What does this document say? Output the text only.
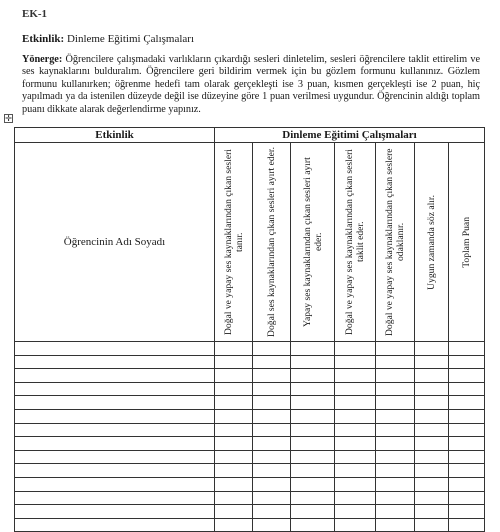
EK-1

Etkinlik: Dinleme Eğitimi Çalışmaları

Yönerge: Öğrencilere çalışmadaki varlıkların çıkardığı sesleri dinletelim, sesleri öğrencilere taklit ettirelim ve ses kaynaklarını bulduralım. Öğrencilere geri bildirim vermek için bu gözlem formunu kullanınız. Gözlem formunu kullanırken; öğrenme hedefi tam olarak gerçekleşti ise 3 puan, kısmen gerçekleşti ise 2 puan, hiç yapılmadı ya da istenilen düzeyde değil ise düzeyine göre 1 puan verilmesi uygundur. Öğrencinin aldığı toplam puanı dikkate alarak değerlendirme yapınız.

✛
Etkinlik	Dinleme Eğitimi Çalışmaları						
Öğrencinin Adı Soyadı	Doğal ve yapay ses kaynaklarından çıkan sesleri tanır.	Doğal ses kaynaklarından çıkan sesleri ayırt eder.	Yapay ses kaynaklarından çıkan sesleri ayırt eder.	Doğal ve yapay ses kaynaklarından çıkan sesleri taklit eder.	Doğal ve yapay ses kaynaklarından çıkan seslere odaklanır.	Uygun zamanda söz alır.	Toplam Puan
